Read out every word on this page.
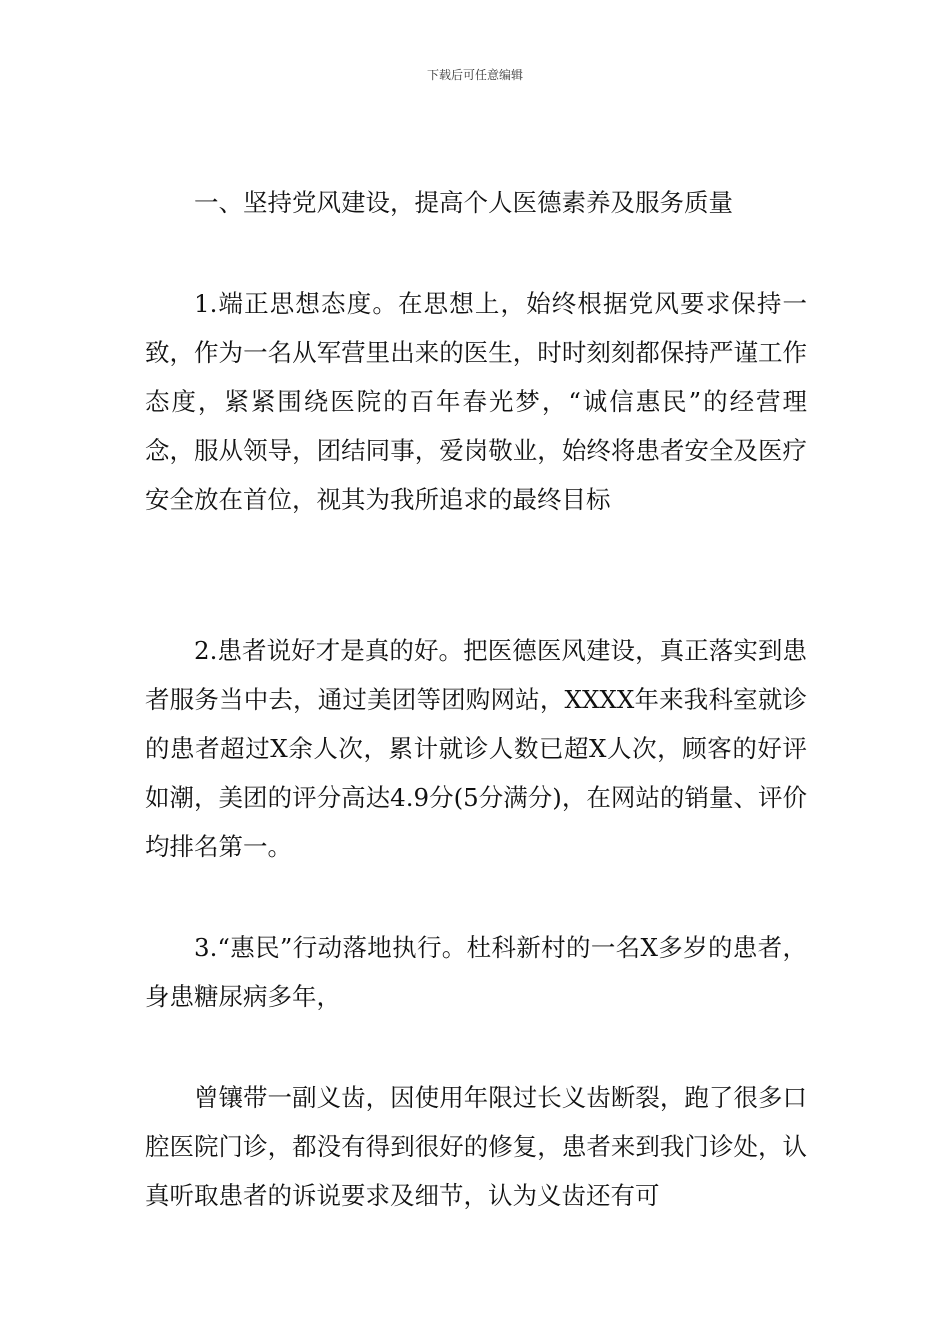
下载后可任意编辑

一、坚持党风建设，提高个人医德素养及服务质量

1.端正思想态度。在思想上，始终根据党风要求保持一致，作为一名从军营里出来的医生，时时刻刻都保持严谨工作态度，紧紧围绕医院的百年春光梦，“诚信惠民”的经营理念，服从领导，团结同事，爱岗敬业，始终将患者安全及医疗安全放在首位，视其为我所追求的最终目标

2.患者说好才是真的好。把医德医风建设，真正落实到患者服务当中去，通过美团等团购网站，XXXX年来我科室就诊的患者超过X余人次，累计就诊人数已超X人次，顾客的好评如潮，美团的评分高达4.9分(5分满分)，在网站的销量、评价均排名第一。

3.“惠民”行动落地执行。杜科新村的一名X多岁的患者，身患糖尿病多年，

曾镶带一副义齿，因使用年限过长义齿断裂，跑了很多口腔医院门诊，都没有得到很好的修复，患者来到我门诊处，认真听取患者的诉说要求及细节，认为义齿还有可
